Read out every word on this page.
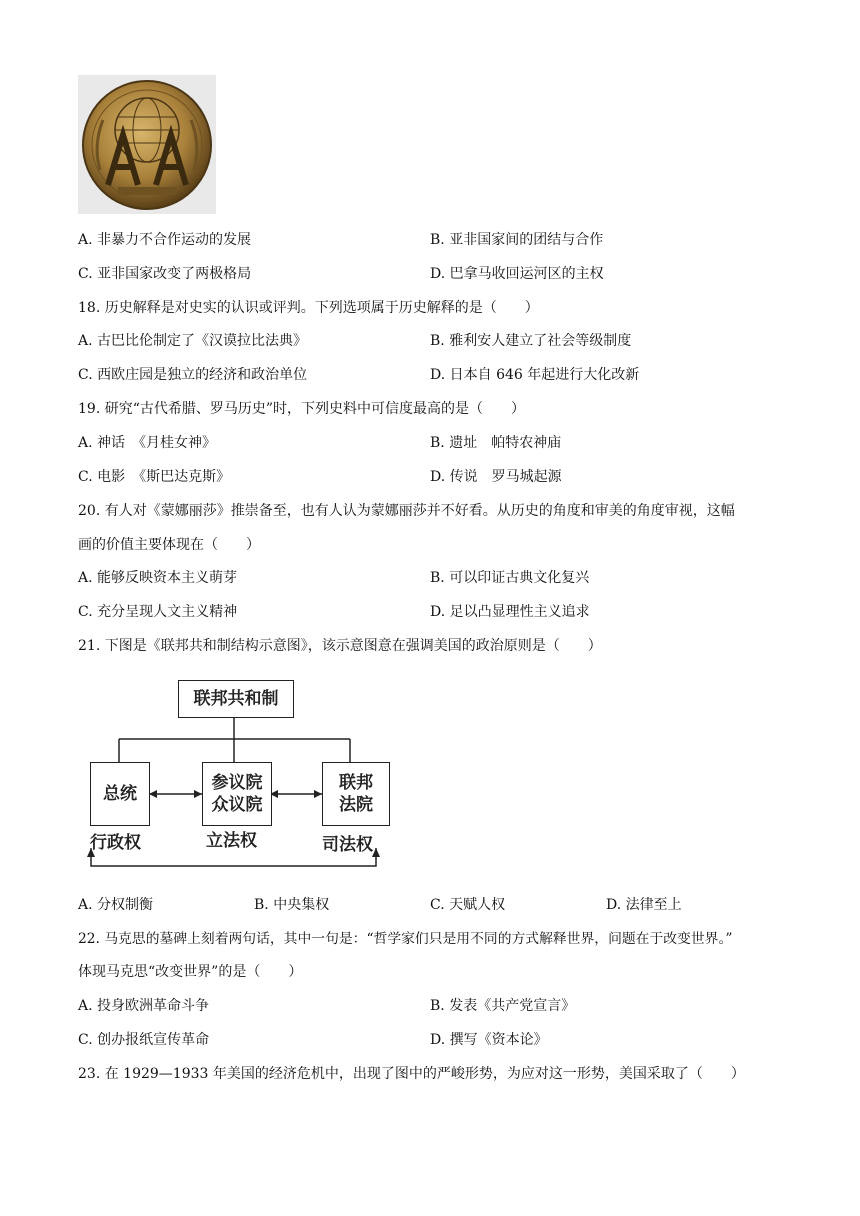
A. 非暴力不合作运动的发展	B. 亚非国家间的团结与合作
C. 亚非国家改变了两极格局	D. 巴拿马收回运河区的主权
18. 历史解释是对史实的认识或评判。下列选项属于历史解释的是（　　）
A. 古巴比伦制定了《汉谟拉比法典》	B. 雅利安人建立了社会等级制度
C. 西欧庄园是独立的经济和政治单位	D. 日本自 646 年起进行大化改新
19. 研究“古代希腊、罗马历史”时，下列史料中可信度最高的是（　　）
A. 神话　《月桂女神》	B. 遗址　帕特农神庙
C. 电影　《斯巴达克斯》	D. 传说　罗马城起源
20. 有人对《蒙娜丽莎》推崇备至，也有人认为蒙娜丽莎并不好看。从历史的角度和审美的角度审视，这幅
画的价值主要体现在（　　）
A. 能够反映资本主义萌芽	B. 可以印证古典文化复兴
C. 充分呈现人文主义精神	D. 足以凸显理性主义追求
21. 下图是《联邦共和制结构示意图》，该示意图意在强调美国的政治原则是（　　）
联邦共和制
总统
参议院
众议院
联邦
法院
行政权	立法权	司法权
A. 分权制衡	B. 中央集权	C. 天赋人权	D. 法律至上
22. 马克思的墓碑上刻着两句话，其中一句是：“哲学家们只是用不同的方式解释世界，问题在于改变世界。”
体现马克思“改变世界”的是（　　）
A. 投身欧洲革命斗争	B. 发表《共产党宣言》
C. 创办报纸宣传革命	D. 撰写《资本论》
23. 在 1929—1933 年美国的经济危机中，出现了图中的严峻形势，为应对这一形势，美国采取了（　　）
